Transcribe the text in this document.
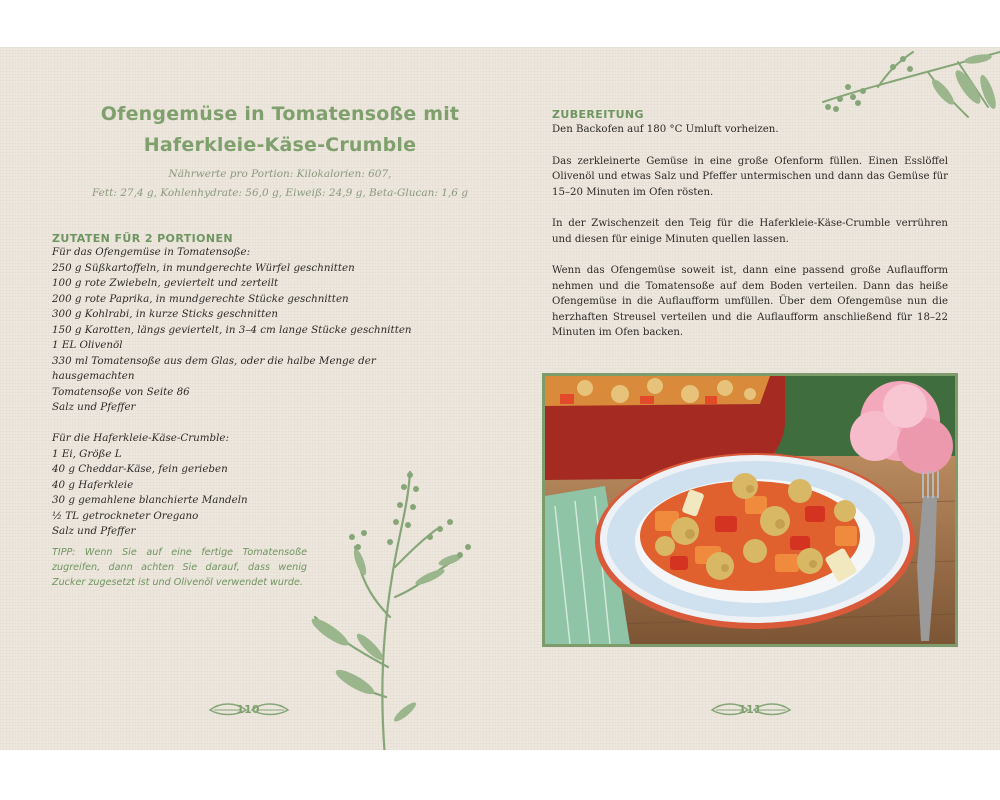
Ofengemüse in Tomatensoße mit
Haferkleie-Käse-Crumble
Nährwerte pro Portion: Kilokalorien: 607,
Fett: 27,4 g, Kohlenhydrate: 56,0 g, Eiweiß: 24,9 g, Beta-Glucan: 1,6 g
ZUTATEN FÜR 2 PORTIONEN
Für das Ofengemüse in Tomatensoße:
250 g Süßkartoffeln, in mundgerechte Würfel geschnitten
100 g rote Zwiebeln, geviertelt und zerteilt
200 g rote Paprika, in mundgerechte Stücke geschnitten
300 g Kohlrabi, in kurze Sticks geschnitten
150 g Karotten, längs geviertelt, in 3–4 cm lange Stücke geschnitten
1 EL Olivenöl
330 ml Tomatensoße aus dem Glas, oder die halbe Menge der hausgemachten
Tomatensoße von Seite 86
Salz und Pfeffer
Für die Haferkleie-Käse-Crumble:
1 Ei, Größe L
40 g Cheddar-Käse, fein gerieben
40 g Haferkleie
30 g gemahlene blanchierte Mandeln
½ TL getrockneter Oregano
Salz und Pfeffer
TIPP: Wenn Sie auf eine fertige Tomatensoße zugreifen, dann achten Sie darauf, dass wenig Zucker zugesetzt ist und Olivenöl verwendet wurde.
110
ZUBEREITUNG

Den Backofen auf 180 °C Umluft vorheizen.

Das zerkleinerte Gemüse in eine große Ofenform füllen. Einen Esslöffel Olivenöl und etwas Salz und Pfeffer untermischen und dann das Gemüse für 15–20 Minuten im Ofen rösten.

In der Zwischenzeit den Teig für die Haferkleie-Käse-Crumble verrühren und diesen für einige Minuten quellen lassen.

Wenn das Ofengemüse soweit ist, dann eine passend große Auflaufform nehmen und die Tomatensoße auf dem Boden verteilen. Dann das heiße Ofengemüse in die Auflaufform umfüllen. Über dem Ofengemüse nun die herzhaften Streusel verteilen und die Auflaufform anschließend für 18–22 Minuten im Ofen backen.

111
